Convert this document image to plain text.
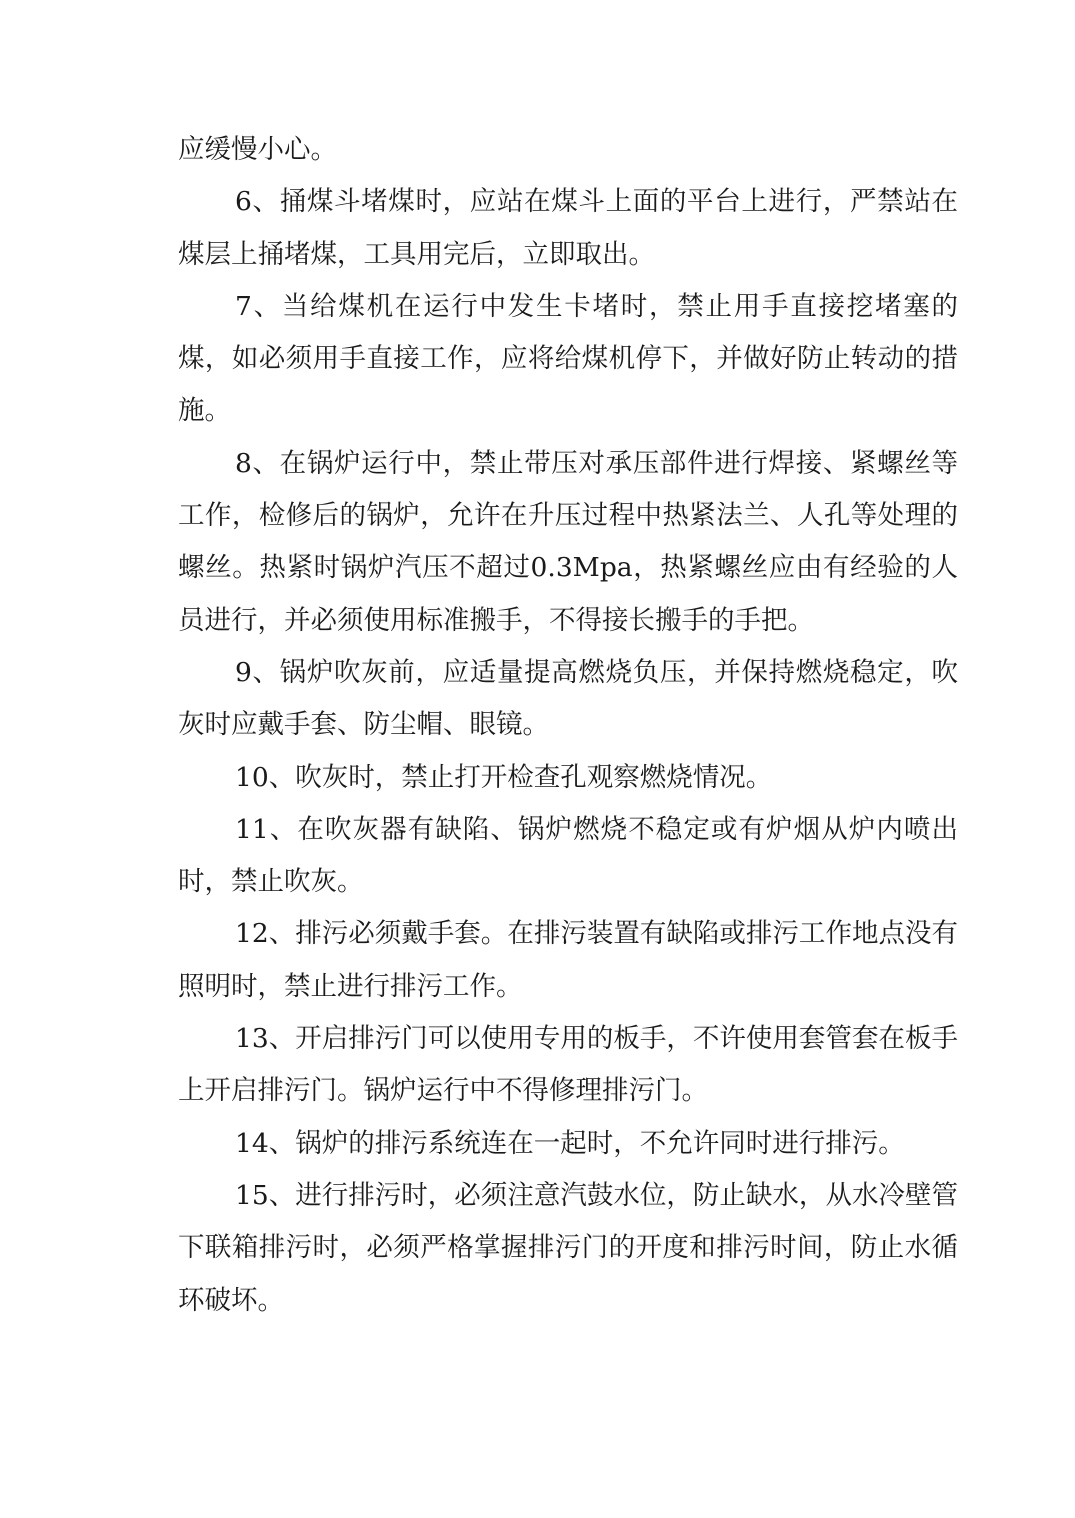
应缓慢小心。

6、捅煤斗堵煤时，应站在煤斗上面的平台上进行，严禁站在煤层上捅堵煤，工具用完后，立即取出。

7、当给煤机在运行中发生卡堵时，禁止用手直接挖堵塞的煤，如必须用手直接工作，应将给煤机停下，并做好防止转动的措施。

8、在锅炉运行中，禁止带压对承压部件进行焊接、紧螺丝等工作，检修后的锅炉，允许在升压过程中热紧法兰、人孔等处理的螺丝。热紧时锅炉汽压不超过0.3Mpa，热紧螺丝应由有经验的人员进行，并必须使用标准搬手，不得接长搬手的手把。

9、锅炉吹灰前，应适量提高燃烧负压，并保持燃烧稳定，吹灰时应戴手套、防尘帽、眼镜。

10、吹灰时，禁止打开检查孔观察燃烧情况。

11、在吹灰器有缺陷、锅炉燃烧不稳定或有炉烟从炉内喷出时，禁止吹灰。

12、排污必须戴手套。在排污装置有缺陷或排污工作地点没有照明时，禁止进行排污工作。

13、开启排污门可以使用专用的板手，不许使用套管套在板手上开启排污门。锅炉运行中不得修理排污门。

14、锅炉的排污系统连在一起时，不允许同时进行排污。

15、进行排污时，必须注意汽鼓水位，防止缺水，从水冷壁管下联箱排污时，必须严格掌握排污门的开度和排污时间，防止水循环破坏。
